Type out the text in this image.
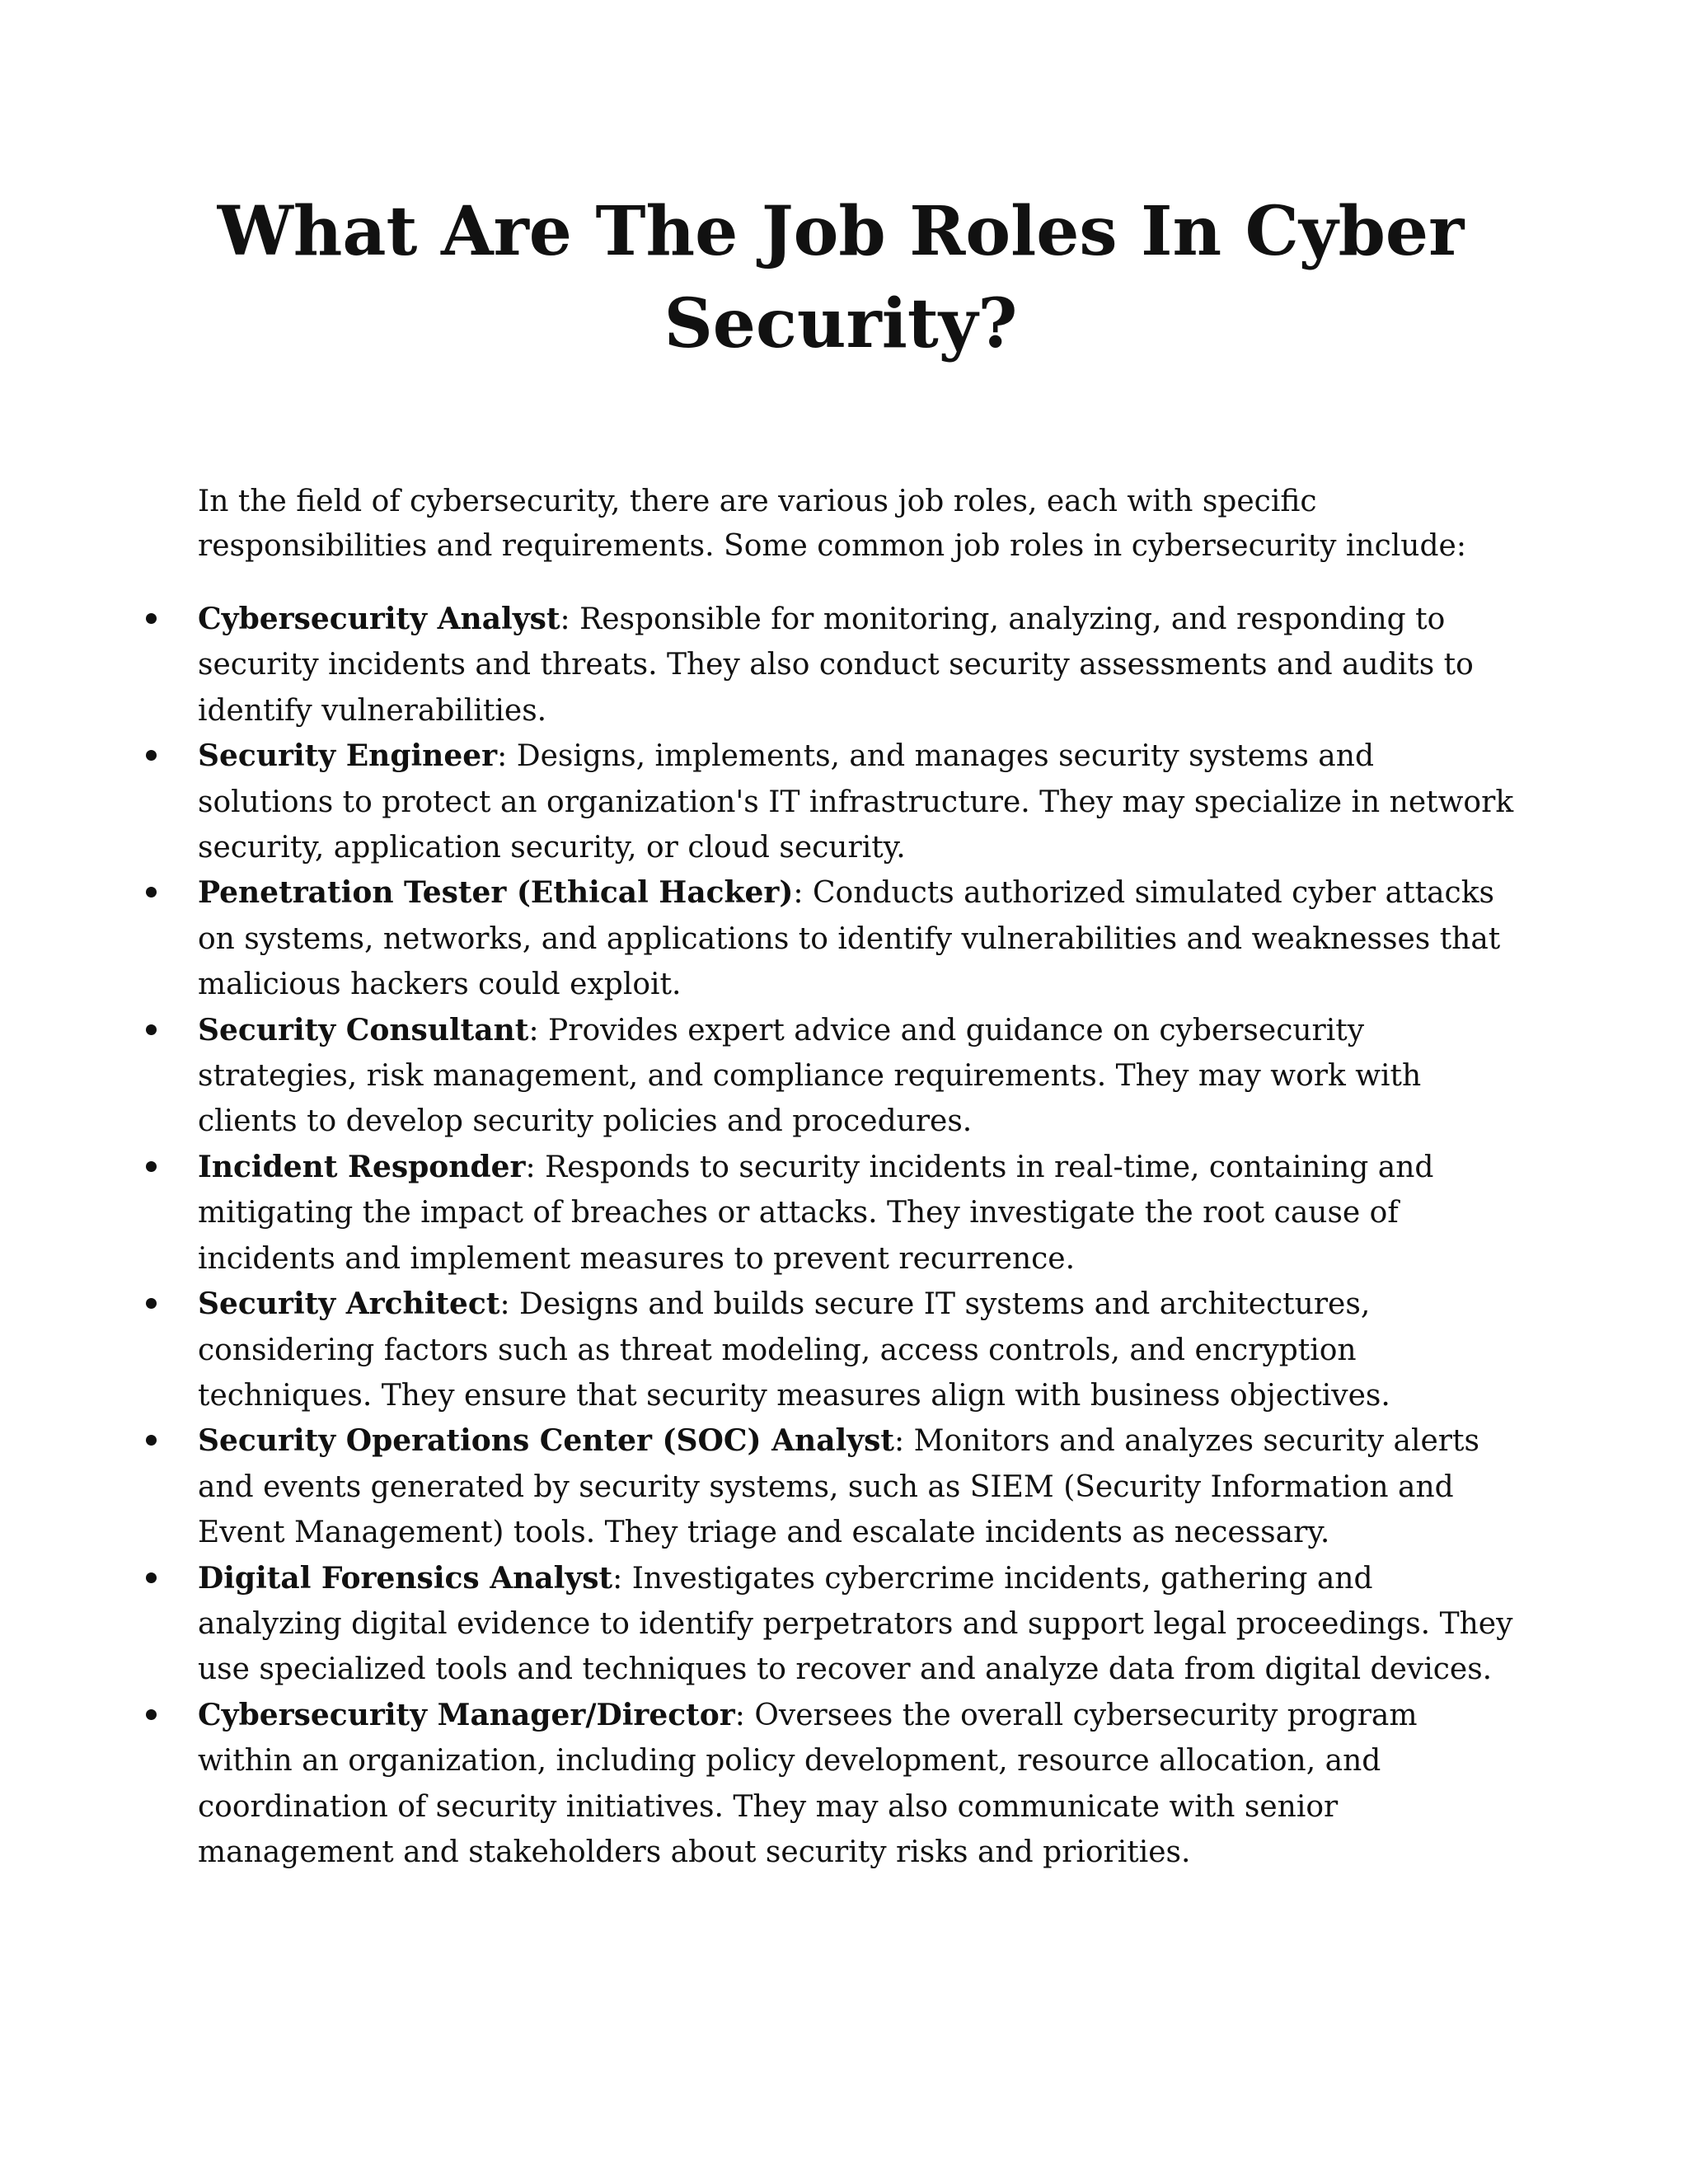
What Are The Job Roles In Cyber Security?

In the field of cybersecurity, there are various job roles, each with specific responsibilities and requirements. Some common job roles in cybersecurity include:

Cybersecurity Analyst: Responsible for monitoring, analyzing, and responding to security incidents and threats. They also conduct security assessments and audits to identify vulnerabilities.
Security Engineer: Designs, implements, and manages security systems and solutions to protect an organization's IT infrastructure. They may specialize in network security, application security, or cloud security.
Penetration Tester (Ethical Hacker): Conducts authorized simulated cyber attacks on systems, networks, and applications to identify vulnerabilities and weaknesses that malicious hackers could exploit.
Security Consultant: Provides expert advice and guidance on cybersecurity strategies, risk management, and compliance requirements. They may work with clients to develop security policies and procedures.
Incident Responder: Responds to security incidents in real-time, containing and mitigating the impact of breaches or attacks. They investigate the root cause of incidents and implement measures to prevent recurrence.
Security Architect: Designs and builds secure IT systems and architectures, considering factors such as threat modeling, access controls, and encryption techniques. They ensure that security measures align with business objectives.
Security Operations Center (SOC) Analyst: Monitors and analyzes security alerts and events generated by security systems, such as SIEM (Security Information and Event Management) tools. They triage and escalate incidents as necessary.
Digital Forensics Analyst: Investigates cybercrime incidents, gathering and analyzing digital evidence to identify perpetrators and support legal proceedings. They use specialized tools and techniques to recover and analyze data from digital devices.
Cybersecurity Manager/Director: Oversees the overall cybersecurity program within an organization, including policy development, resource allocation, and coordination of security initiatives. They may also communicate with senior management and stakeholders about security risks and priorities.
